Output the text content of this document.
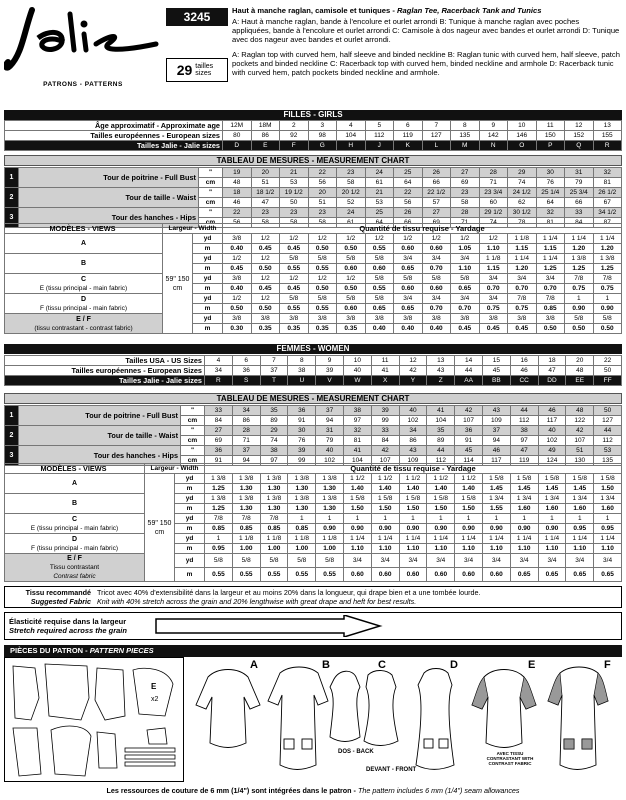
PATRONS - PATTERNS
3245
29 tailles sizes
Haut à manche raglan, camisole et tuniques - Raglan Tee, Racerback Tank and Tunics
A: Haut à manche raglan, bande à l'encolure et ourlet arrondi B: Tunique à manche raglan avec poches appliquées, bande à l'encolure et ourlet arrondi C: Camisole à dos nageur avec bandes et ourlet arrondi D: Tunique avec dos nageur avec bandes et ourlet arrondi.
A: Raglan top with curved hem, half sleeve and binded neckline B: Raglan tunic with curved hem, half sleeve, patch pockets and binded neckline C: Racerback top with curved hem, binded neckline and armhole D: Racerback tunic with curved hem, patch pockets binded neckline and armhole.
FILLES - GIRLS
Âge approximatif - Approximate age	12M	18M	2	3	4	5	6	7	8	9	10	11	12	13
Tailles européennes - European sizes	80	86	92	98	104	112	119	127	135	142	146	150	152	155
Tailles Jalie - Jalie sizes	D	E	F	G	H	J	K	L	M	N	O	P	Q	R
TABLEAU DE MESURES - MEASUREMENT CHART
1	Tour de poitrine - Full Bust	"	19	20	21	22	23	24	25	26	27	28	29	30	31	32
		cm	48	51	53	56	58	61	64	66	69	71	74	76	79	81
2	Tour de taille - Waist	"	18	18 1/2	19 1/2	20	20 1/2	21	22	22 1/2	23	23 3/4	24 1/2	25 1/4	25 3/4	26 1/2
		cm	46	47	50	51	52	53	56	57	58	60	62	64	66	67
3	Tour des hanches - Hips	"	22	23	23	23	24	25	26	27	28	29 1/2	30 1/2	32	33	34 1/2
		cm	56	58	58	58	61	64	66	69	71	74	78	81	84	87
MODÈLES - VIEWS	Largeur - Width		Quantité de tissu requise - Yardage													
A	59" 150 cm	yd	3/8	1/2	1/2	1/2	1/2	1/2	1/2	1/2	1/2	1/2	1 1/8	1 1/4	1 1/4	1 1/4
		m	0.40	0.45	0.45	0.50	0.50	0.55	0.60	0.60	1.05	1.10	1.15	1.15	1.20	1.20
B		yd	1/2	1/2	5/8	5/8	5/8	5/8	3/4	3/4	3/4	1 1/8	1 1/4	1 1/4	1 3/8	1 3/8
		m	0.45	0.50	0.55	0.55	0.60	0.60	0.65	0.70	1.10	1.15	1.20	1.25	1.25	1.25
C
E (tissu principal - main fabric)		yd	3/8	1/2	1/2	1/2	1/2	5/8	5/8	5/8	5/8	3/4	3/4	3/4	7/8	7/8
		m	0.40	0.45	0.45	0.50	0.50	0.55	0.60	0.60	0.65	0.70	0.70	0.70	0.75	0.75
D
F (tissu principal - main fabric)		yd	1/2	1/2	5/8	5/8	5/8	5/8	3/4	3/4	3/4	3/4	7/8	7/8	1	1
		m	0.50	0.50	0.55	0.55	0.60	0.65	0.65	0.70	0.70	0.75	0.75	0.85	0.90	0.90
E / F
(tissu contrastant - contrast fabric)		yd	3/8	3/8	3/8	3/8	3/8	3/8	3/8	3/8	3/8	3/8	3/8	3/8	5/8	5/8
		m	0.30	0.35	0.35	0.35	0.35	0.40	0.40	0.40	0.45	0.45	0.45	0.50	0.50	0.50
FEMMES - WOMEN
Tailles USA - US Sizes	4	6	7	8	9	10	11	12	13	14	15	16	18	20	22
Tailles européennes - European Sizes	34	36	37	38	39	40	41	42	43	44	45	46	47	48	50
Tailles Jalie - Jalie sizes	R	S	T	U	V	W	X	Y	Z	AA	BB	CC	DD	EE	FF
TABLEAU DE MESURES - MEASUREMENT CHART
1	Tour de poitrine - Full Bust	"	33	34	35	36	37	38	39	40	41	42	43	44	46	48	50
		cm	84	86	89	91	94	97	99	102	104	107	109	112	117	122	127
2	Tour de taille - Waist	"	27	28	29	30	31	32	33	34	35	36	37	38	40	42	44
		cm	69	71	74	76	79	81	84	86	89	91	94	97	102	107	112
3	Tour des hanches - Hips	"	36	37	38	39	40	41	42	43	44	45	46	47	49	51	53
		cm	91	94	97	99	102	104	107	109	112	114	117	119	124	130	135
MODÈLES - VIEWS	Largeur - Width		Quantité de tissu requise - Yardage														
A	59" 150 cm	yd	1 3/8	1 3/8	1 3/8	1 3/8	1 3/8	1 1/2	1 1/2	1 1/2	1 1/2	1 1/2	1 5/8	1 5/8	1 5/8	1 5/8	1 5/8
		m	1.25	1.30	1.30	1.30	1.30	1.40	1.40	1.40	1.40	1.40	1.45	1.45	1.45	1.45	1.50
B		yd	1 3/8	1 3/8	1 3/8	1 3/8	1 3/8	1 5/8	1 5/8	1 5/8	1 5/8	1 5/8	1 3/4	1 3/4	1 3/4	1 3/4	1 3/4
		m	1.25	1.30	1.30	1.30	1.30	1.50	1.50	1.50	1.50	1.50	1.55	1.60	1.60	1.60	1.60
C
E (tissu principal - main fabric)		yd	7/8	7/8	7/8	1	1	1	1	1	1	1	1	1	1	1	1
		m	0.85	0.85	0.85	0.85	0.90	0.90	0.90	0.90	0.90	0.90	0.90	0.90	0.90	0.95	0.95
D
F (tissu principal - main fabric)		yd	1	1 1/8	1 1/8	1 1/8	1 1/8	1 1/4	1 1/4	1 1/4	1 1/4	1 1/4	1 1/4	1 1/4	1 1/4	1 1/4	1 1/4
		m	0.95	1.00	1.00	1.00	1.00	1.10	1.10	1.10	1.10	1.10	1.10	1.10	1.10	1.10	1.10
E / F
Tissu contrastant
Contrast fabric		yd	5/8	5/8	5/8	5/8	5/8	3/4	3/4	3/4	3/4	3/4	3/4	3/4	3/4	3/4	3/4
		m	0.55	0.55	0.55	0.55	0.55	0.60	0.60	0.60	0.60	0.60	0.60	0.65	0.65	0.65	0.65
Tissu recommandé Tricot avec 40% d'extensibilité dans la largeur et au moins 20% dans la longueur, qui drape bien et a une tombée lourde.
Suggested Fabric Knit with 40% stretch across the grain and 20% lengthwise with great drape and heft for best results.
Élasticité requise dans la largeur
Stretch required across the grain
PIÈCES DU PATRON - PATTERN PIECES
E
x2
A	B	C	D	E	F
DOS - BACK
DEVANT - FRONT
AVEC TISSU CONTRASTANT WITH CONTRAST FABRIC
Les ressources de couture de 6 mm (1/4") sont intégrées dans le patron - The pattern includes 6 mm (1/4") seam allowances
